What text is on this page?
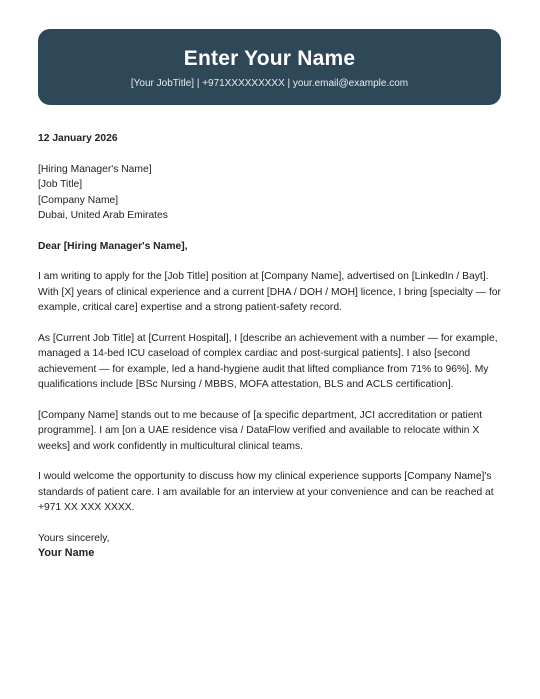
Enter Your Name
[Your JobTitle] | +971XXXXXXXXX | your.email@example.com
12 January 2026
[Hiring Manager's Name]
[Job Title]
[Company Name]
Dubai, United Arab Emirates
Dear [Hiring Manager's Name],

I am writing to apply for the [Job Title] position at [Company Name], advertised on [LinkedIn / Bayt]. With [X] years of clinical experience and a current [DHA / DOH / MOH] licence, I bring [specialty — for example, critical care] expertise and a strong patient-safety record.

As [Current Job Title] at [Current Hospital], I [describe an achievement with a number — for example, managed a 14-bed ICU caseload of complex cardiac and post-surgical patients]. I also [second achievement — for example, led a hand-hygiene audit that lifted compliance from 71% to 96%]. My qualifications include [BSc Nursing / MBBS, MOFA attestation, BLS and ACLS certification].

[Company Name] stands out to me because of [a specific department, JCI accreditation or patient programme]. I am [on a UAE residence visa / DataFlow verified and available to relocate within X weeks] and work confidently in multicultural clinical teams.

I would welcome the opportunity to discuss how my clinical experience supports [Company Name]'s standards of patient care. I am available for an interview at your convenience and can be reached at +971 XX XXX XXXX.

Yours sincerely,
Your Name
